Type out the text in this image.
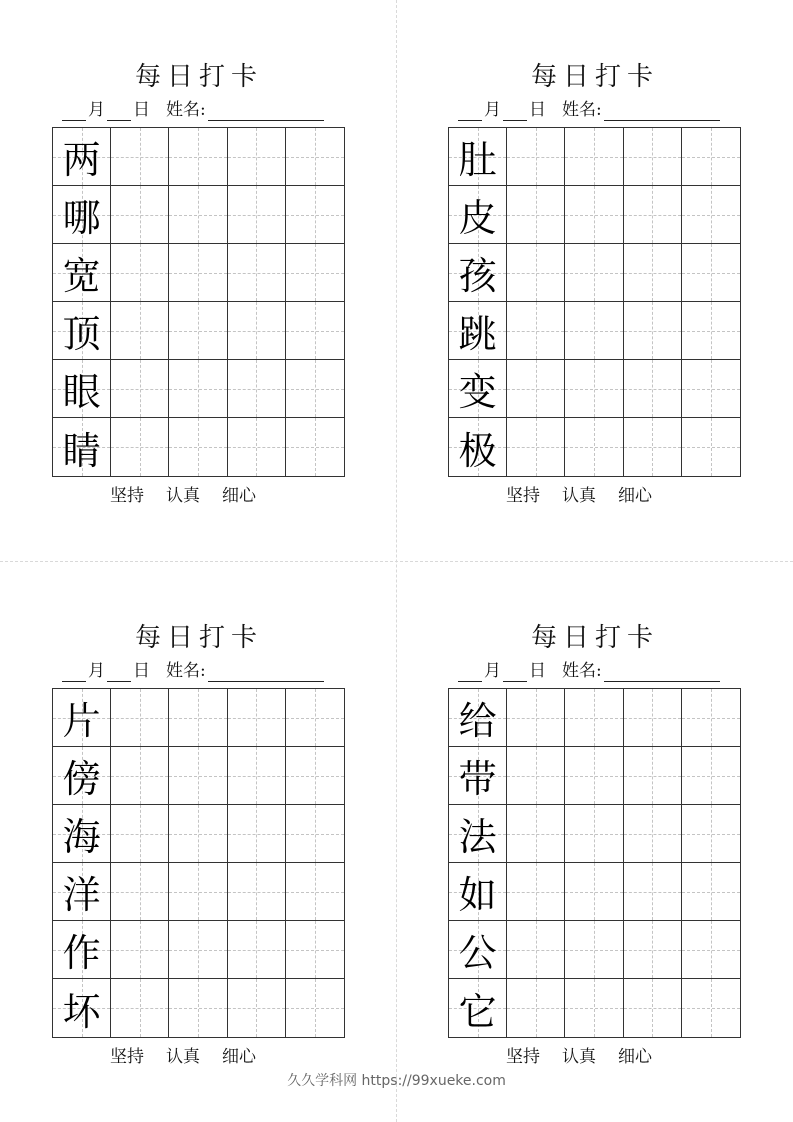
每日打卡
月 日 姓名:
两
哪
宽
顶
眼
睛
坚持 认真 细心
每日打卡
月 日 姓名:
肚
皮
孩
跳
变
极
坚持 认真 细心
每日打卡
月 日 姓名:
片
傍
海
洋
作
坏
坚持 认真 细心
每日打卡
月 日 姓名:
给
带
法
如
公
它
坚持 认真 细心
久久学科网 https://99xueke.com
